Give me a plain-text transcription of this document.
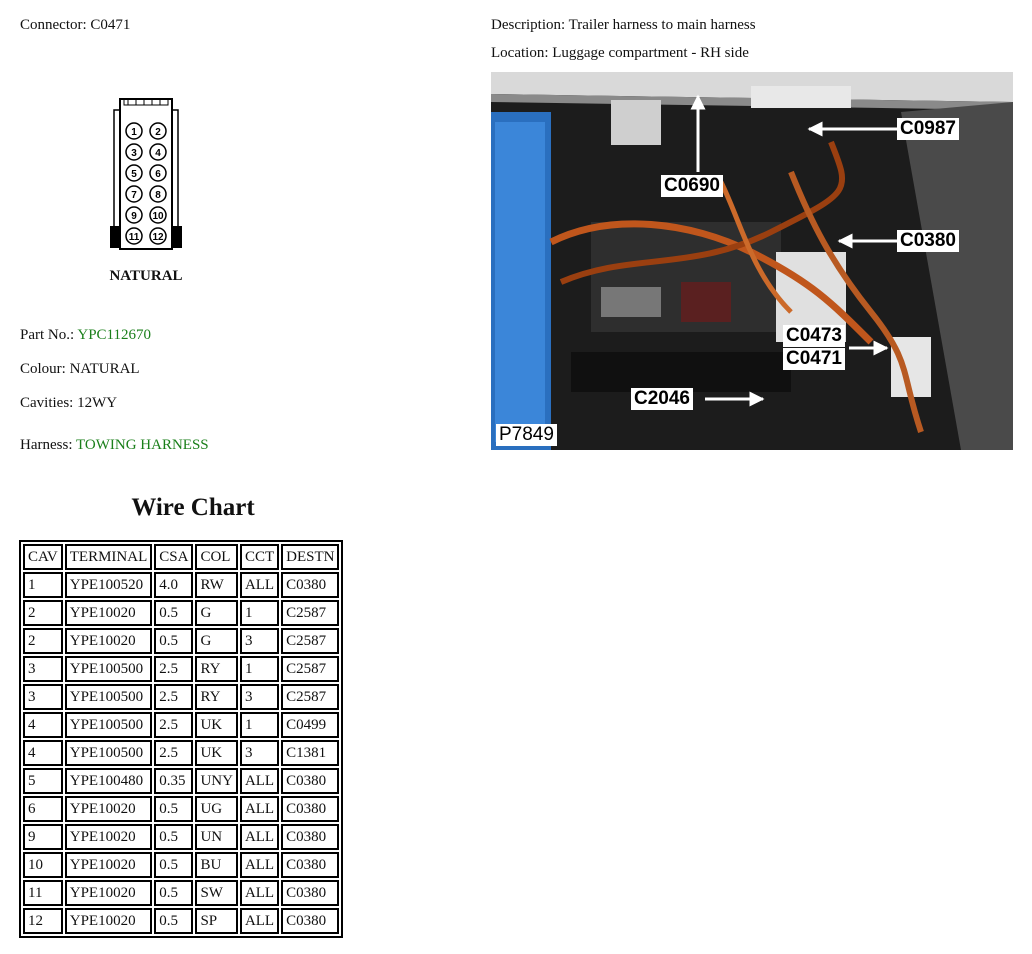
Connector: C0471	Description: Trailer harness to main harness
Location: Luggage compartment - RH side
1 2
3 4
5 6
7 8
9 10
11 12
NATURAL
Part No.: YPC112670
Colour: NATURAL
Cavities: 12WY
Harness: TOWING HARNESS
C0987
C0690
C0380
C0473
C0471
C2046
P7849
Wire Chart
CAV	TERMINAL	CSA	COL	CCT	DESTN
1	YPE100520	4.0	RW	ALL	C0380
2	YPE10020	0.5	G	1	C2587
2	YPE10020	0.5	G	3	C2587
3	YPE100500	2.5	RY	1	C2587
3	YPE100500	2.5	RY	3	C2587
4	YPE100500	2.5	UK	1	C0499
4	YPE100500	2.5	UK	3	C1381
5	YPE100480	0.35	UNY	ALL	C0380
6	YPE10020	0.5	UG	ALL	C0380
9	YPE10020	0.5	UN	ALL	C0380
10	YPE10020	0.5	BU	ALL	C0380
11	YPE10020	0.5	SW	ALL	C0380
12	YPE10020	0.5	SP	ALL	C0380
